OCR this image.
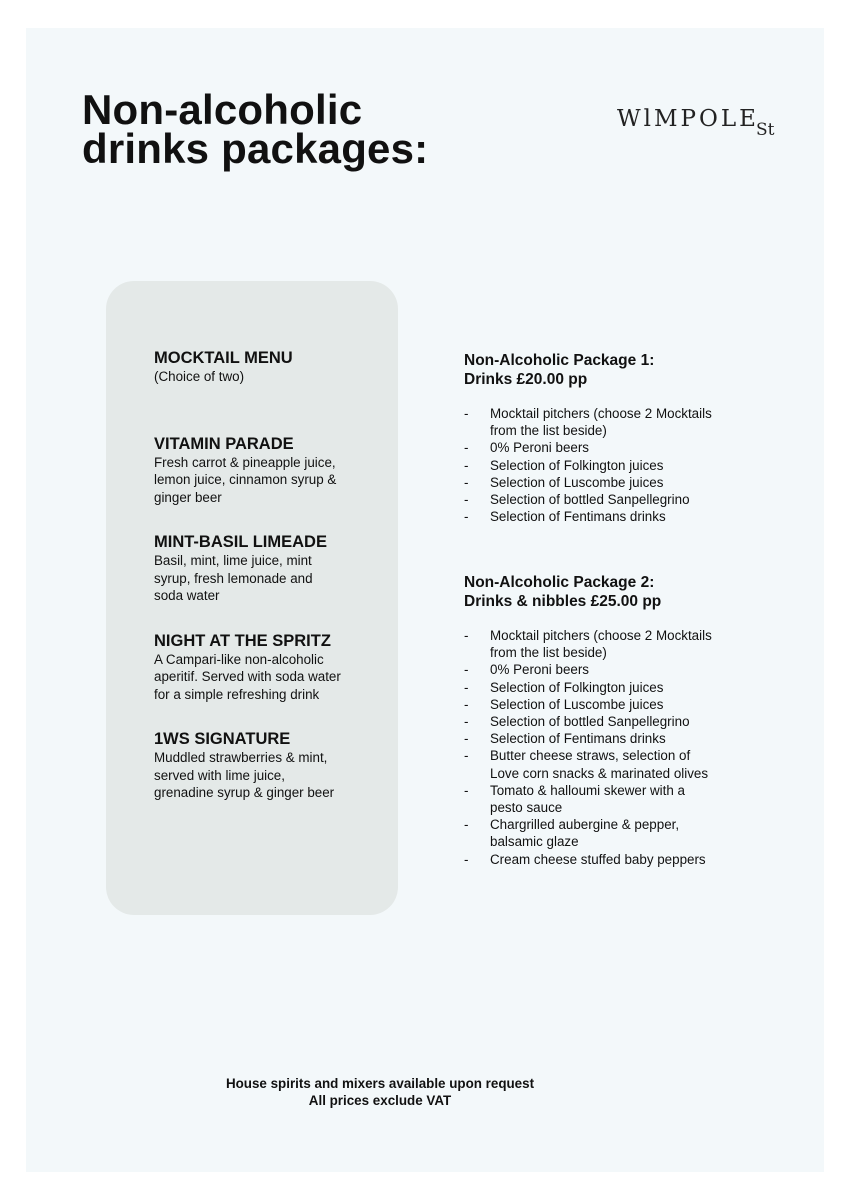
Non-alcoholic
drinks packages:
WlMPOLE
St
MOCKTAIL MENU
(Choice of two)
VITAMIN PARADE
Fresh carrot & pineapple juice,
lemon juice, cinnamon syrup &
ginger beer
MINT-BASIL LIMEADE
Basil, mint, lime juice, mint
syrup, fresh lemonade and
soda water
NIGHT AT THE SPRITZ
A Campari-like non-alcoholic
aperitif. Served with soda water
for a simple refreshing drink
1WS SIGNATURE
Muddled strawberries & mint,
served with lime juice,
grenadine syrup & ginger beer
Non-Alcoholic Package 1:
Drinks £20.00 pp
- Mocktail pitchers (choose 2 Mocktails
from the list beside)
- 0% Peroni beers
- Selection of Folkington juices
- Selection of Luscombe juices
- Selection of bottled Sanpellegrino
- Selection of Fentimans drinks
Non-Alcoholic Package 2:
Drinks & nibbles £25.00 pp
- Mocktail pitchers (choose 2 Mocktails
from the list beside)
- 0% Peroni beers
- Selection of Folkington juices
- Selection of Luscombe juices
- Selection of bottled Sanpellegrino
- Selection of Fentimans drinks
- Butter cheese straws, selection of
Love corn snacks & marinated olives
- Tomato & halloumi skewer with a
pesto sauce
- Chargrilled aubergine & pepper,
balsamic glaze
- Cream cheese stuffed baby peppers
House spirits and mixers available upon request
All prices exclude VAT
